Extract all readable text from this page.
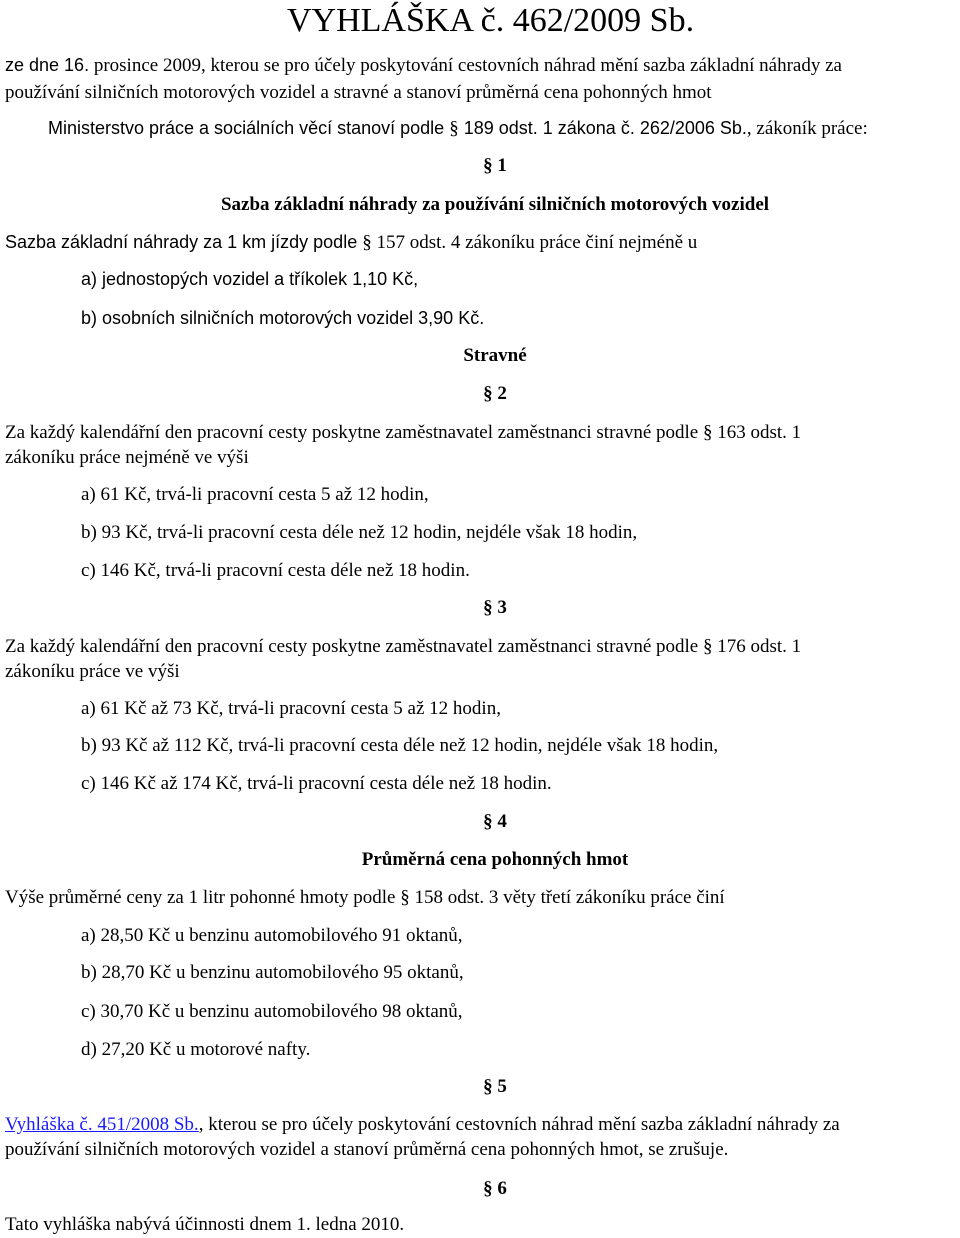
VYHLÁŠKA č. 462/2009 Sb.
ze dne 16. prosince 2009, kterou se pro účely poskytování cestovních náhrad mění sazba základní náhrady za
používání silničních motorových vozidel a stravné a stanoví průměrná cena pohonných hmot
Ministerstvo práce a sociálních věcí stanoví podle § 189 odst. 1 zákona č. 262/2006 Sb., zákoník práce:
§ 1
Sazba základní náhrady za používání silničních motorových vozidel
Sazba základní náhrady za 1 km jízdy podle § 157 odst. 4 zákoníku práce činí nejméně u
a) jednostopých vozidel a tříkolek 1,10 Kč,
b) osobních silničních motorových vozidel 3,90 Kč.
Stravné
§ 2
Za každý kalendářní den pracovní cesty poskytne zaměstnavatel zaměstnanci stravné podle § 163 odst. 1
zákoníku práce nejméně ve výši
a) 61 Kč, trvá-li pracovní cesta 5 až 12 hodin,
b) 93 Kč, trvá-li pracovní cesta déle než 12 hodin, nejdéle však 18 hodin,
c) 146 Kč, trvá-li pracovní cesta déle než 18 hodin.
§ 3
Za každý kalendářní den pracovní cesty poskytne zaměstnavatel zaměstnanci stravné podle § 176 odst. 1
zákoníku práce ve výši
a) 61 Kč až 73 Kč, trvá-li pracovní cesta 5 až 12 hodin,
b) 93 Kč až 112 Kč, trvá-li pracovní cesta déle než 12 hodin, nejdéle však 18 hodin,
c) 146 Kč až 174 Kč, trvá-li pracovní cesta déle než 18 hodin.
§ 4
Průměrná cena pohonných hmot
Výše průměrné ceny za 1 litr pohonné hmoty podle § 158 odst. 3 věty třetí zákoníku práce činí
a) 28,50 Kč u benzinu automobilového 91 oktanů,
b) 28,70 Kč u benzinu automobilového 95 oktanů,
c) 30,70 Kč u benzinu automobilového 98 oktanů,
d) 27,20 Kč u motorové nafty.
§ 5
Vyhláška č. 451/2008 Sb., kterou se pro účely poskytování cestovních náhrad mění sazba základní náhrady za
používání silničních motorových vozidel a stanoví průměrná cena pohonných hmot, se zrušuje.
§ 6
Tato vyhláška nabývá účinnosti dnem 1. ledna 2010.
